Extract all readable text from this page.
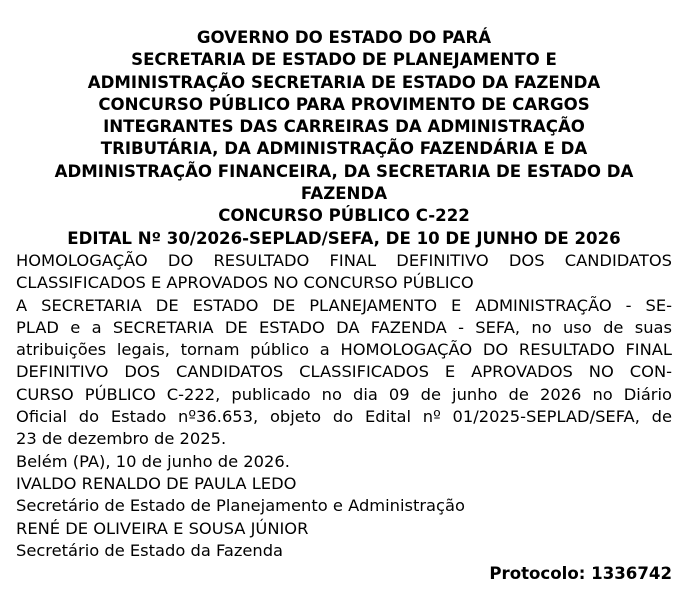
GOVERNO DO ESTADO DO PARÁ
SECRETARIA DE ESTADO DE PLANEJAMENTO E
ADMINISTRAÇÃO SECRETARIA DE ESTADO DA FAZENDA
CONCURSO PÚBLICO PARA PROVIMENTO DE CARGOS
INTEGRANTES DAS CARREIRAS DA ADMINISTRAÇÃO
TRIBUTÁRIA, DA ADMINISTRAÇÃO FAZENDÁRIA E DA
ADMINISTRAÇÃO FINANCEIRA, DA SECRETARIA DE ESTADO DA
FAZENDA
CONCURSO PÚBLICO C-222
EDITAL Nº 30/2026-SEPLAD/SEFA, DE 10 DE JUNHO DE 2026
HOMOLOGAÇÃO DO RESULTADO FINAL DEFINITIVO DOS CANDIDATOS
CLASSIFICADOS E APROVADOS NO CONCURSO PÚBLICO
A SECRETARIA DE ESTADO DE PLANEJAMENTO E ADMINISTRAÇÃO - SE-
PLAD e a SECRETARIA DE ESTADO DA FAZENDA - SEFA, no uso de suas
atribuições legais, tornam público a HOMOLOGAÇÃO DO RESULTADO FINAL
DEFINITIVO DOS CANDIDATOS CLASSIFICADOS E APROVADOS NO CON-
CURSO PÚBLICO C-222, publicado no dia 09 de junho de 2026 no Diário
Oficial do Estado nº36.653, objeto do Edital nº 01/2025-SEPLAD/SEFA, de
23 de dezembro de 2025.
Belém (PA), 10 de junho de 2026.
IVALDO RENALDO DE PAULA LEDO
Secretário de Estado de Planejamento e Administração
RENÉ DE OLIVEIRA E SOUSA JÚNIOR
Secretário de Estado da Fazenda
Protocolo: 1336742
